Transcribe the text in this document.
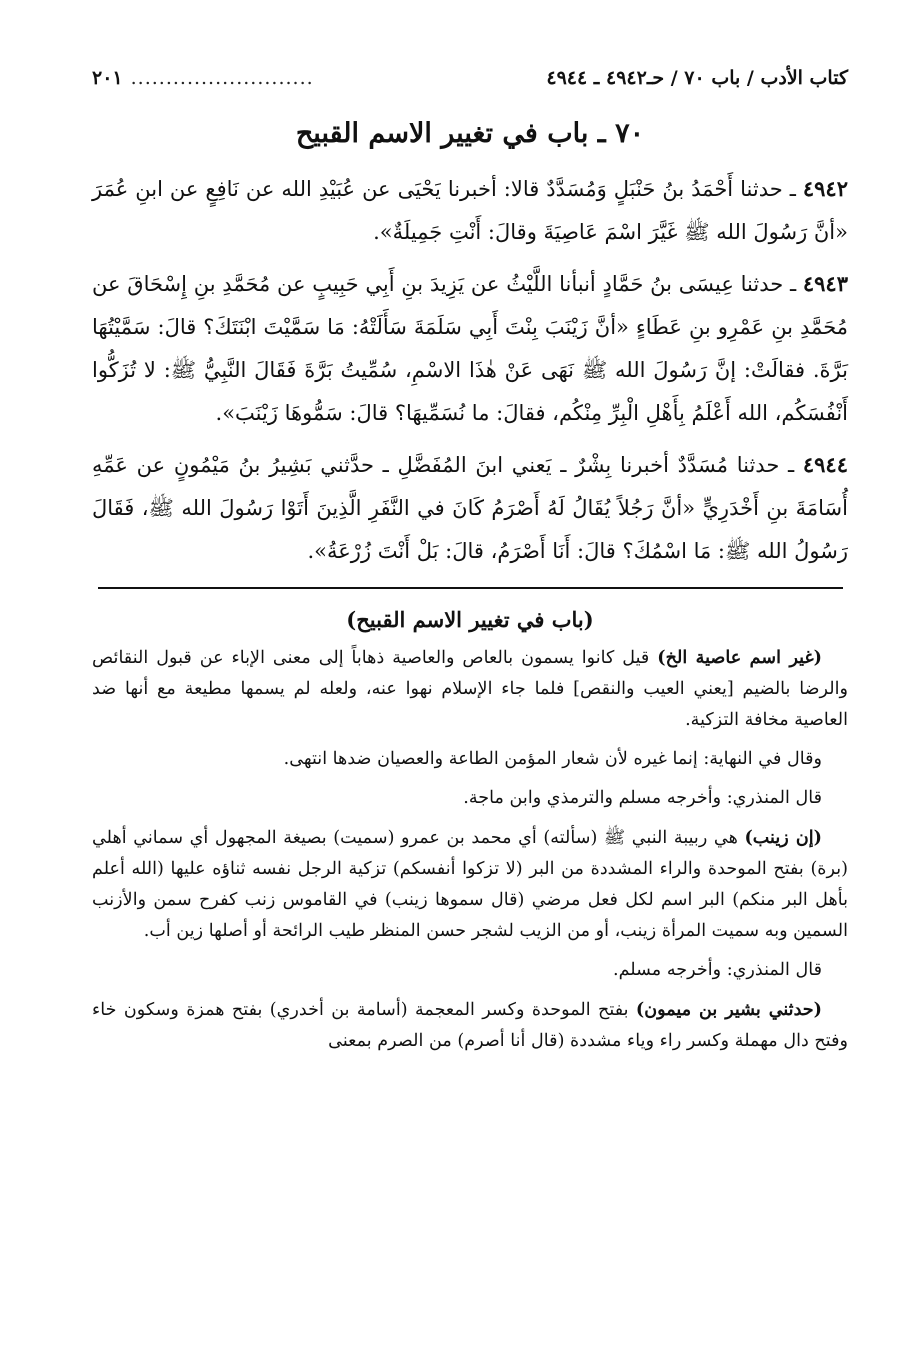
كتاب الأدب / باب ٧٠ / حـ٤٩٤٢ ـ ٤٩٤٤
..........................
٢٠١
٧٠ ـ باب في تغيير الاسم القبيح

٤٩٤٢ ـ حدثنا أَحْمَدُ بنُ حَنْبَلٍ وَمُسَدَّدٌ قالا: أخبرنا يَحْيَى عن عُبَيْدِ الله عن نَافِعٍ عن ابنِ عُمَرَ «أنَّ رَسُولَ الله ﷺ غَيَّرَ اسْمَ عَاصِيَةَ وقالَ: أَنْتِ جَمِيلَةٌ».

٤٩٤٣ ـ حدثنا عِيسَى بنُ حَمَّادٍ أنبأنا اللَّيْثُ عن يَزِيدَ بنِ أَبِي حَبِيبٍ عن مُحَمَّدِ بنِ إِسْحَاقَ عن مُحَمَّدِ بنِ عَمْرِو بنِ عَطَاءٍ «أنَّ زَيْنَبَ بِنْتَ أَبِي سَلَمَةَ سَأَلَتْهُ: مَا سَمَّيْتَ ابْنَتَكَ؟ قالَ: سَمَّيْتُهَا بَرَّةَ. فقالَتْ: إنَّ رَسُولَ الله ﷺ نَهَى عَنْ هٰذَا الاسْمِ، سُمِّيتُ بَرَّةَ فَقَالَ النَّبِيُّ ﷺ: لا تُزَكُّوا أَنْفُسَكُم، الله أَعْلَمُ بِأَهْلِ الْبِرِّ مِنْكُم، فقالَ: ما نُسَمِّيهَا؟ قالَ: سَمُّوهَا زَيْنَبَ».

٤٩٤٤ ـ حدثنا مُسَدَّدٌ أخبرنا بِشْرٌ ـ يَعني ابنَ المُفَضَّلِ ـ حدَّثني بَشِيرُ بنُ مَيْمُونٍ عن عَمِّهِ أُسَامَةَ بنِ أَخْدَرِيٍّ «أنَّ رَجُلاً يُقَالُ لَهُ أَصْرَمُ كَانَ في النَّفَرِ الَّذِينَ أَتَوْا رَسُولَ الله ﷺ، فَقَالَ رَسُولُ الله ﷺ: مَا اسْمُكَ؟ قالَ: أَنَا أَصْرَمُ، قالَ: بَلْ أَنْتَ زُرْعَةُ».

(باب في تغيير الاسم القبيح)

(غير اسم عاصية الخ) قيل كانوا يسمون بالعاص والعاصية ذهاباً إلى معنى الإباء عن قبول النقائص والرضا بالضيم [يعني العيب والنقص] فلما جاء الإسلام نهوا عنه، ولعله لم يسمها مطيعة مع أنها ضد العاصية مخافة التزكية.

وقال في النهاية: إنما غيره لأن شعار المؤمن الطاعة والعصيان ضدها انتهى.

قال المنذري: وأخرجه مسلم والترمذي وابن ماجة.

(إن زينب) هي ربيبة النبي ﷺ (سألته) أي محمد بن عمرو (سميت) بصيغة المجهول أي سماني أهلي (برة) بفتح الموحدة والراء المشددة من البر (لا تزكوا أنفسكم) تزكية الرجل نفسه ثناؤه عليها (الله أعلم بأهل البر منكم) البر اسم لكل فعل مرضي (قال سموها زينب) في القاموس زنب كفرح سمن والأزنب السمين وبه سميت المرأة زينب، أو من الزيب لشجر حسن المنظر طيب الرائحة أو أصلها زين أب.

قال المنذري: وأخرجه مسلم.

(حدثني بشير بن ميمون) بفتح الموحدة وكسر المعجمة (أسامة بن أخدري) بفتح همزة وسكون خاء وفتح دال مهملة وكسر راء وياء مشددة (قال أنا أصرم) من الصرم بمعنى
